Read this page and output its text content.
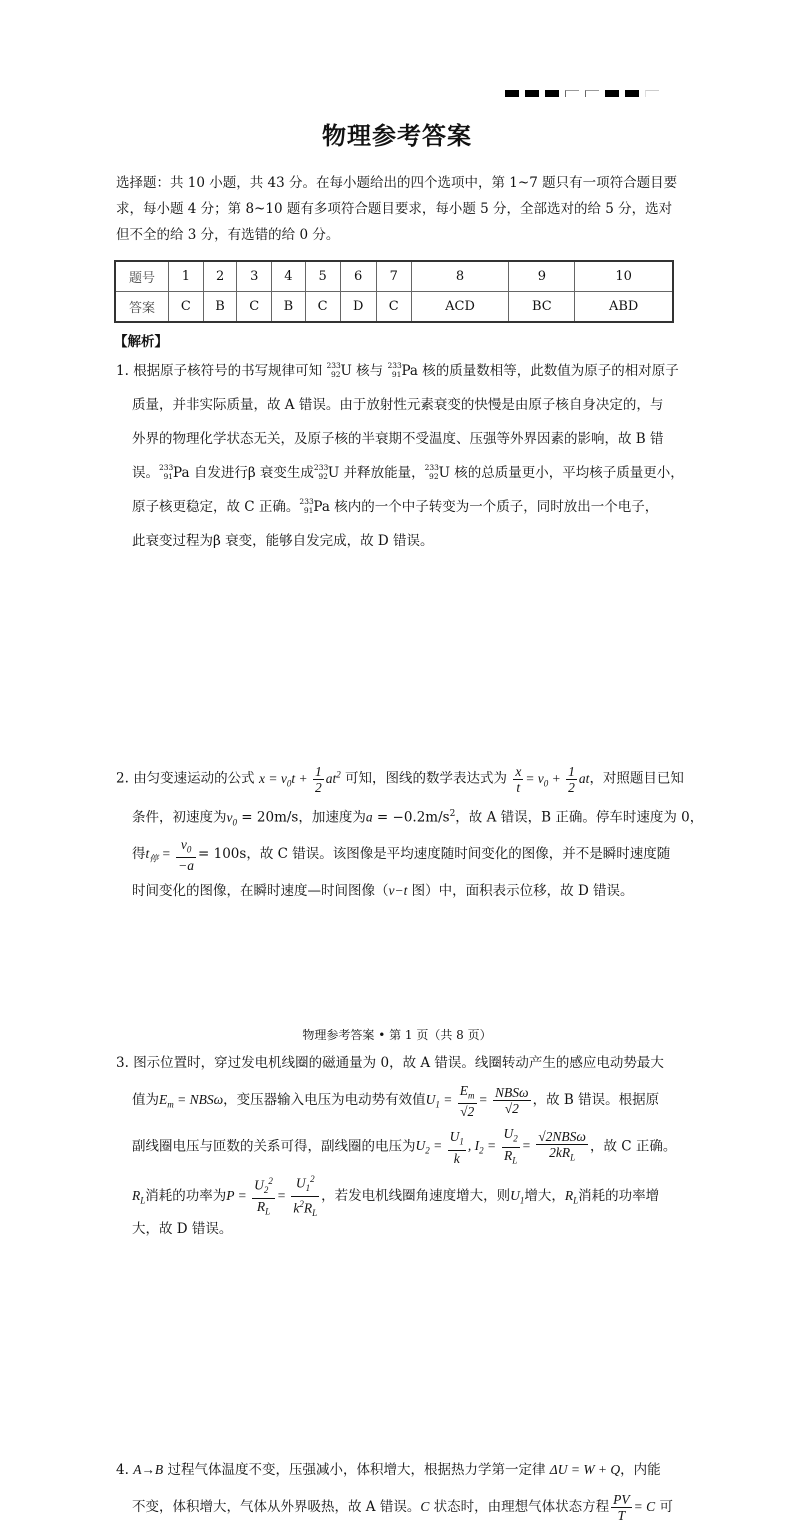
物理参考答案
选择题：共 10 小题，共 43 分。在每小题给出的四个选项中，第 1~7 题只有一项符合题目要求，每小题 4 分；第 8~10 题有多项符合题目要求，每小题 5 分，全部选对的给 5 分，选对但不全的给 3 分，有选错的给 0 分。
题号	1	2	3	4	5	6	7	8	9	10
答案	C	B	C	B	C	D	C	ACD	BC	ABD
【解析】
1. 根据原子核符号的书写规律可知 233
92 U 核与 233
91 Pa 核的质量数相等，此数值为原子的相对原子
质量，并非实际质量，故 A 错误。由于放射性元素衰变的快慢是由原子核自身决定的，与
外界的物理化学状态无关，及原子核的半衰期不受温度、压强等外界因素的影响，故 B 错
误。 233
91 Pa 自发进行β 衰变生成 233
92 U 并释放能量， 233
92 U 核的总质量更小，平均核子质量更小，
原子核更稳定，故 C 正确。 233
91 Pa 核内的一个中子转变为一个质子，同时放出一个电子，
此衰变过程为β 衰变，能够自发完成，故 D 错误。
2. 由匀变速运动的公式 $x = v_0t + \frac{1}{2} at^2$ 可知，图线的数学表达式为 $\frac{x}{t} = v_0 + \frac{1}{2}$ at，对照题目已知
条件，初速度为$v_0 = 20m/s$，加速度为$a = -0.2m/s^2$，故 A 错误，B 正确。停车时速度为 0，
得$t_停 = \frac{v_0}{-a} = 100s$，故 C 错误。该图像是平均速度随时间变化的图像，并不是瞬时速度随
时间变化的图像，在瞬时速度—时间图像（v−t 图）中，面积表示位移，故 D 错误。
3. 图示位置时，穿过发电机线圈的磁通量为 0，故 A 错误。线圈转动产生的感应电动势最大
值为$E_m = NBS\omega$，变压器输入电压为电动势有效值$U_1 = \frac{E_m}{√2} = \frac{\text{NBSω}}{√2}$ ，故 B 错误。根据原
副线圈电压与匝数的关系可得，副线圈的电压为$U_2 = \frac{U_1}{k}$ , $I_2 = \frac{U_2}{R_L} = \frac{\text{√2NBSω}}{2kR_L}$ ，故 C 正确。
$R_L$消耗的功率为$P = \frac{U_2^2}{R_L} = \frac{U_1^2}{k^2R_L}$ ，若发电机线圈角速度增大，则$U_1$增大，$R_L$消耗的功率增
大，故 D 错误。
4. A→B 过程气体温度不变，压强减小，体积增大，根据热力学第一定律 ΔU = W + Q，内能
不变，体积增大，气体从外界吸热，故 A 错误。C 状态时，由理想气体状态方程 $\frac{PV}{T} = C$ 可
物理参考答案 • 第 1 页（共 8 页）
